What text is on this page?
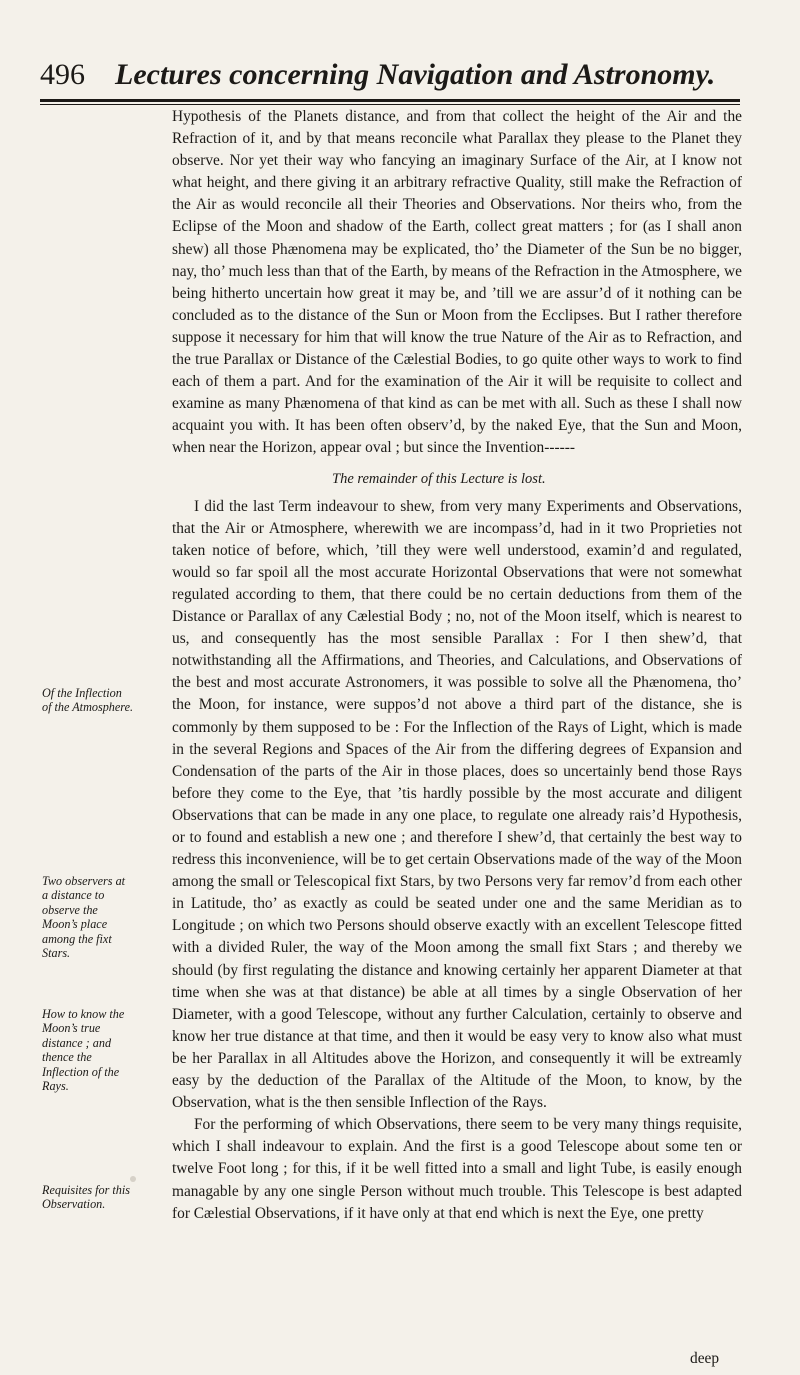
496 Lectures concerning Navigation and Astronomy.

Hypothesis of the Planets distance, and from that collect the height of the Air and the Refraction of it, and by that means reconcile what Parallax they please to the Planet they observe. Nor yet their way who fancying an imaginary Surface of the Air, at I know not what height, and there giving it an arbitrary refractive Quality, still make the Refraction of the Air as would reconcile all their Theories and Observations. Nor theirs who, from the Eclipse of the Moon and shadow of the Earth, collect great matters ; for (as I shall anon shew) all those Phænomena may be explicated, tho’ the Diameter of the Sun be no bigger, nay, tho’ much less than that of the Earth, by means of the Refraction in the Atmosphere, we being hitherto uncertain how great it may be, and ’till we are assur’d of it nothing can be concluded as to the distance of the Sun or Moon from the Ecclipses. But I rather therefore suppose it necessary for him that will know the true Nature of the Air as to Refraction, and the true Parallax or Distance of the Cælestial Bodies, to go quite other ways to work to find each of them a part. And for the examination of the Air it will be requisite to collect and examine as many Phænomena of that kind as can be met with all. Such as these I shall now acquaint you with. It has been often observ’d, by the naked Eye, that the Sun and Moon, when near the Horizon, appear oval ; but since the Invention------

The remainder of this Lecture is lost.

I did the last Term indeavour to shew, from very many Experiments and Observations, that the Air or Atmosphere, wherewith we are incompass’d, had in it two Proprieties not taken notice of before, which, ’till they were well understood, examin’d and regulated, would so far spoil all the most accurate Horizontal Observations that were not somewhat regulated according to them, that there could be no certain deductions from them of the Distance or Parallax of any Cælestial Body ; no, not of the Moon itself, which is nearest to us, and consequently has the most sensible Parallax : For I then shew’d, that notwithstanding all the Affirmations, and Theories, and Calculations, and Observations of the best and most accurate Astronomers, it was possible to solve all the Phænomena, tho’ the Moon, for instance, were suppos’d not above a third part of the distance, she is commonly by them supposed to be : For the Inflection of the Rays of Light, which is made in the several Regions and Spaces of the Air from the differing degrees of Expansion and Condensation of the parts of the Air in those places, does so uncertainly bend those Rays before they come to the Eye, that ’tis hardly possible by the most accurate and diligent Observations that can be made in any one place, to regulate one already rais’d Hypothesis, or to found and establish a new one ; and therefore I shew’d, that certainly the best way to redress this inconvenience, will be to get certain Observations made of the way of the Moon among the small or Telescopical fixt Stars, by two Persons very far remov’d from each other in Latitude, tho’ as exactly as could be seated under one and the same Meridian as to Longitude ; on which two Persons should observe exactly with an excellent Telescope fitted with a divided Ruler, the way of the Moon among the small fixt Stars ; and thereby we should (by first regulating the distance and knowing certainly her apparent Diameter at that time when she was at that distance) be able at all times by a single Observation of her Diameter, with a good Telescope, without any further Calculation, certainly to observe and know her true distance at that time, and then it would be easy very to know also what must be her Parallax in all Altitudes above the Horizon, and consequently it will be extreamly easy by the deduction of the Parallax of the Altitude of the Moon, to know, by the Observation, what is the then sensible Inflection of the Rays.

For the performing of which Observations, there seem to be very many things requisite, which I shall indeavour to explain. And the first is a good Telescope about some ten or twelve Foot long ; for this, if it be well fitted into a small and light Tube, is easily enough managable by any one single Person without much trouble. This Telescope is best adapted for Cælestial Observations, if it have only at that end which is next the Eye, one pretty

Of the Inflection of the Atmosphere.
Two observers at a distance to observe the Moon’s place among the fixt Stars.
How to know the Moon’s true distance ; and thence the Inflection of the Rays.
Requisites for this Observation.
deep
